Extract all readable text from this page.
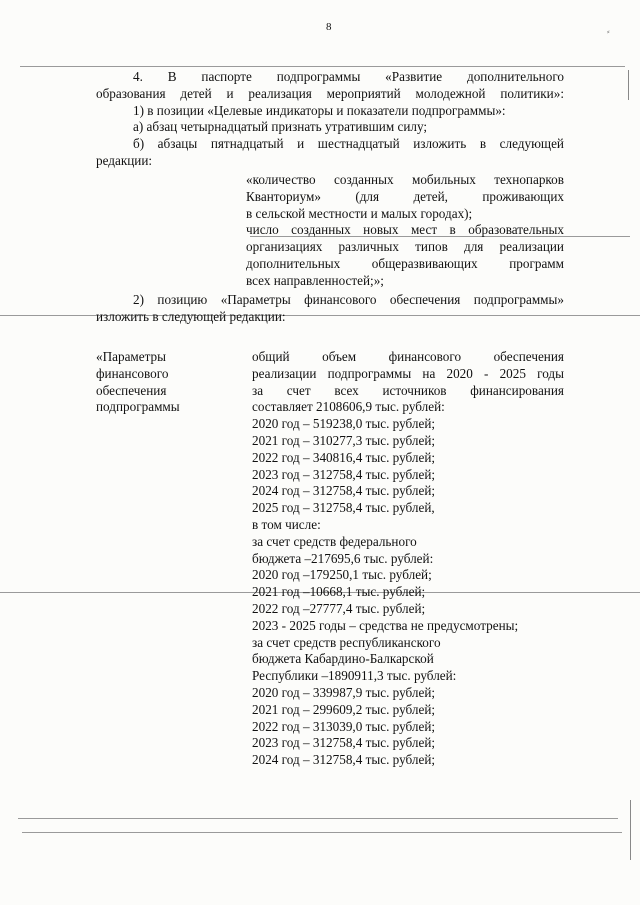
8	⸗
4. В паспорте подпрограммы «Развитие дополнительного
образования детей и реализация мероприятий молодежной политики»:
1) в позиции «Целевые индикаторы и показатели подпрограммы»:
а) абзац четырнадцатый признать утратившим силу;
б) абзацы пятнадцатый и шестнадцатый изложить в следующей
редакции:
«количество созданных мобильных технопарков
Кванториум» (для детей, проживающих
в сельской местности и малых городах);
число созданных новых мест в образовательных
организациях различных типов для реализации
дополнительных общеразвивающих программ
всех направленностей;»;
2) позицию «Параметры финансового обеспечения подпрограммы»
изложить в следующей редакции:
«Параметры
финансового
обеспечения
подпрограммы
общий объем финансового обеспечения
реализации подпрограммы на 2020 - 2025 годы
за счет всех источников финансирования
составляет 2108606,9 тыс. рублей:
2020 год – 519238,0 тыс. рублей;
2021 год – 310277,3 тыс. рублей;
2022 год – 340816,4 тыс. рублей;
2023 год – 312758,4 тыс. рублей;
2024 год – 312758,4 тыс. рублей;
2025 год – 312758,4 тыс. рублей,
в том числе:
за счет средств федерального
бюджета –217695,6 тыс. рублей:
2020 год –179250,1 тыс. рублей;
2021 год –10668,1 тыс. рублей;
2022 год –27777,4 тыс. рублей;
2023 - 2025 годы – средства не предусмотрены;
за счет средств республиканского
бюджета Кабардино-Балкарской
Республики –1890911,3 тыс. рублей:
2020 год – 339987,9 тыс. рублей;
2021 год – 299609,2 тыс. рублей;
2022 год – 313039,0 тыс. рублей;
2023 год – 312758,4 тыс. рублей;
2024 год – 312758,4 тыс. рублей;
